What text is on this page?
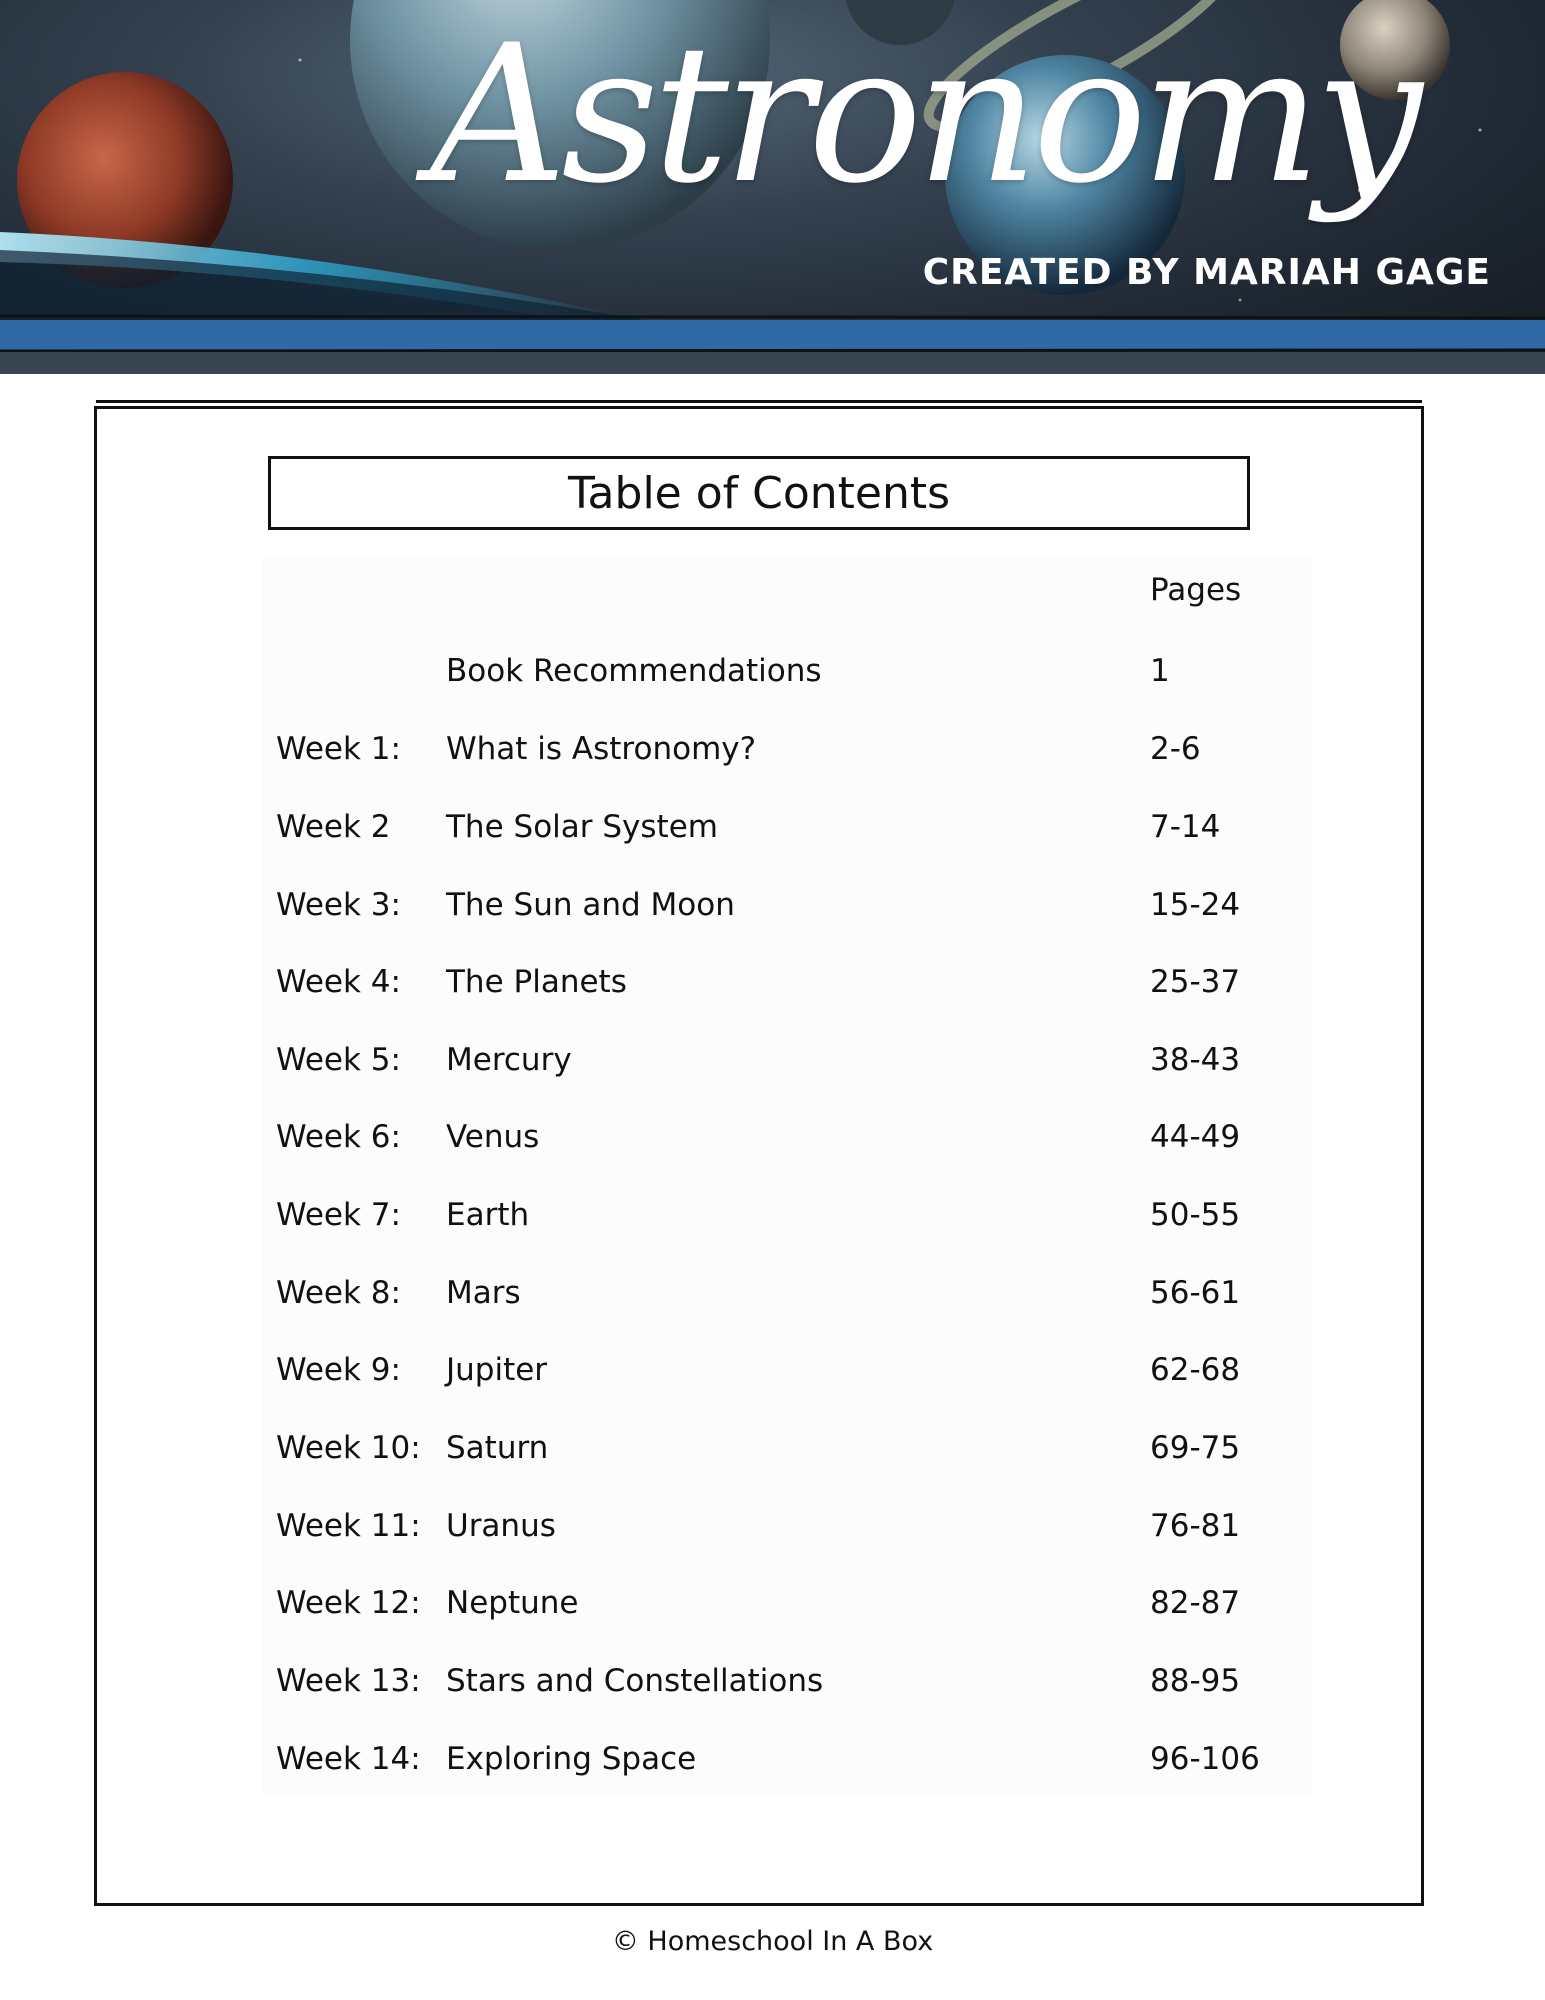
Astronomy
CREATED BY MARIAH GAGE
Table of Contents
Pages
Book Recommendations	1
Week 1: What is Astronomy?	2-6
Week 2 The Solar System	7-14
Week 3: The Sun and Moon	15-24
Week 4: The Planets	25-37
Week 5: Mercury	38-43
Week 6: Venus	44-49
Week 7: Earth	50-55
Week 8: Mars	56-61
Week 9: Jupiter	62-68
Week 10: Saturn	69-75
Week 11: Uranus	76-81
Week 12: Neptune	82-87
Week 13: Stars and Constellations	88-95
Week 14: Exploring Space	96-106
© Homeschool In A Box
